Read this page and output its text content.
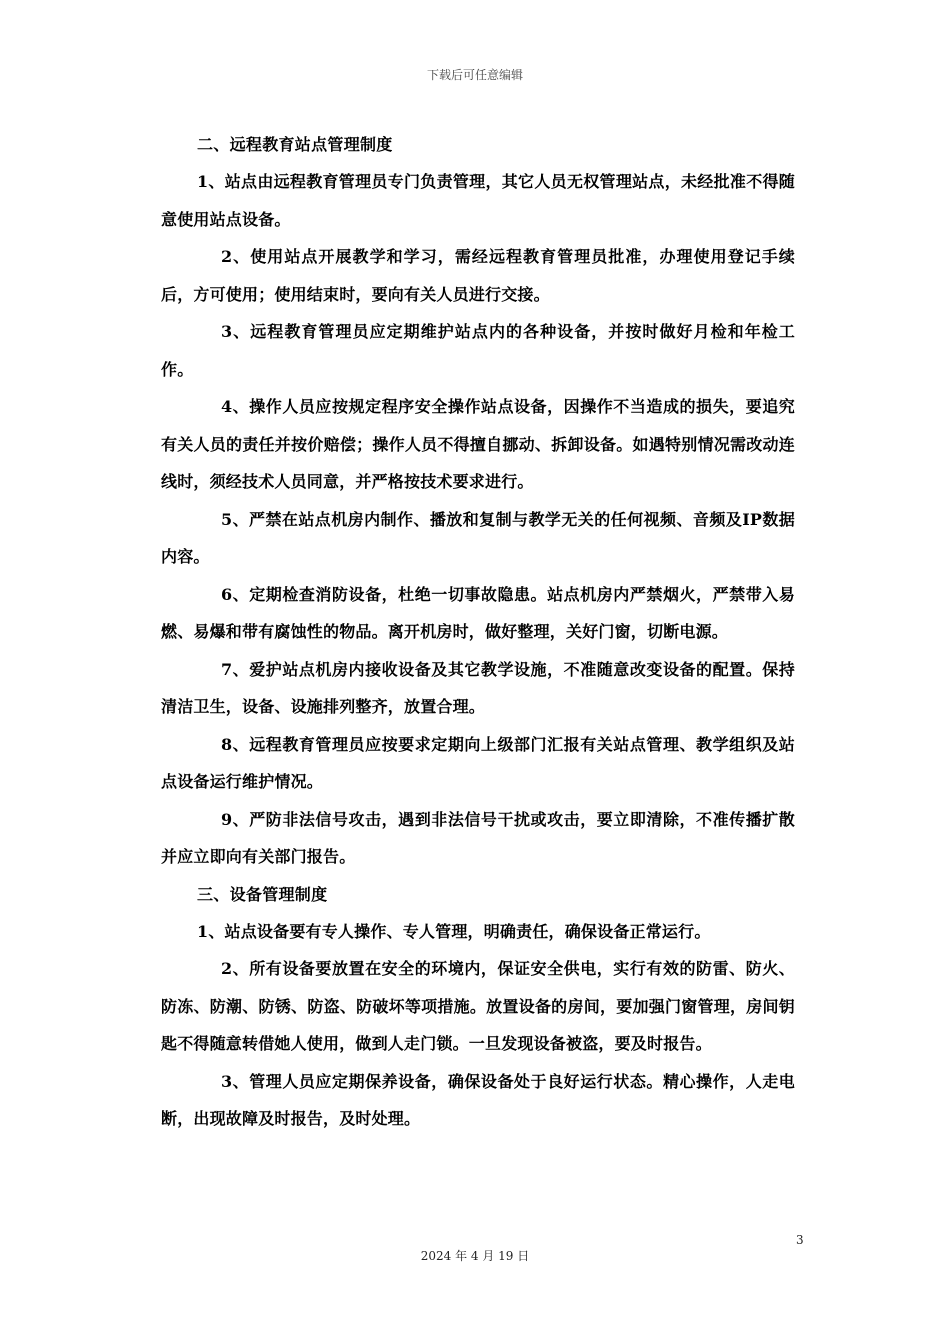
下载后可任意编辑
二、远程教育站点管理制度
1、站点由远程教育管理员专门负责管理，其它人员无权管理站点，未经批准不得随意使用站点设备。
2、使用站点开展教学和学习，需经远程教育管理员批准，办理使用登记手续后，方可使用；使用结束时，要向有关人员进行交接。
3、远程教育管理员应定期维护站点内的各种设备，并按时做好月检和年检工作。
4、操作人员应按规定程序安全操作站点设备，因操作不当造成的损失，要追究有关人员的责任并按价赔偿；操作人员不得擅自挪动、拆卸设备。如遇特别情况需改动连线时，须经技术人员同意，并严格按技术要求进行。
5、严禁在站点机房内制作、播放和复制与教学无关的任何视频、音频及IP数据内容。
6、定期检查消防设备，杜绝一切事故隐患。站点机房内严禁烟火，严禁带入易燃、易爆和带有腐蚀性的物品。离开机房时，做好整理，关好门窗，切断电源。
7、爱护站点机房内接收设备及其它教学设施，不准随意改变设备的配置。保持清洁卫生，设备、设施排列整齐，放置合理。
8、远程教育管理员应按要求定期向上级部门汇报有关站点管理、教学组织及站点设备运行维护情况。
9、严防非法信号攻击，遇到非法信号干扰或攻击，要立即清除，不准传播扩散并应立即向有关部门报告。
三、设备管理制度
1、站点设备要有专人操作、专人管理，明确责任，确保设备正常运行。
2、所有设备要放置在安全的环境内，保证安全供电，实行有效的防雷、防火、防冻、防潮、防锈、防盗、防破坏等项措施。放置设备的房间，要加强门窗管理，房间钥匙不得随意转借她人使用，做到人走门锁。一旦发现设备被盗，要及时报告。
3、管理人员应定期保养设备，确保设备处于良好运行状态。精心操作，人走电断，出现故障及时报告，及时处理。
3
2024 年 4 月 19 日
